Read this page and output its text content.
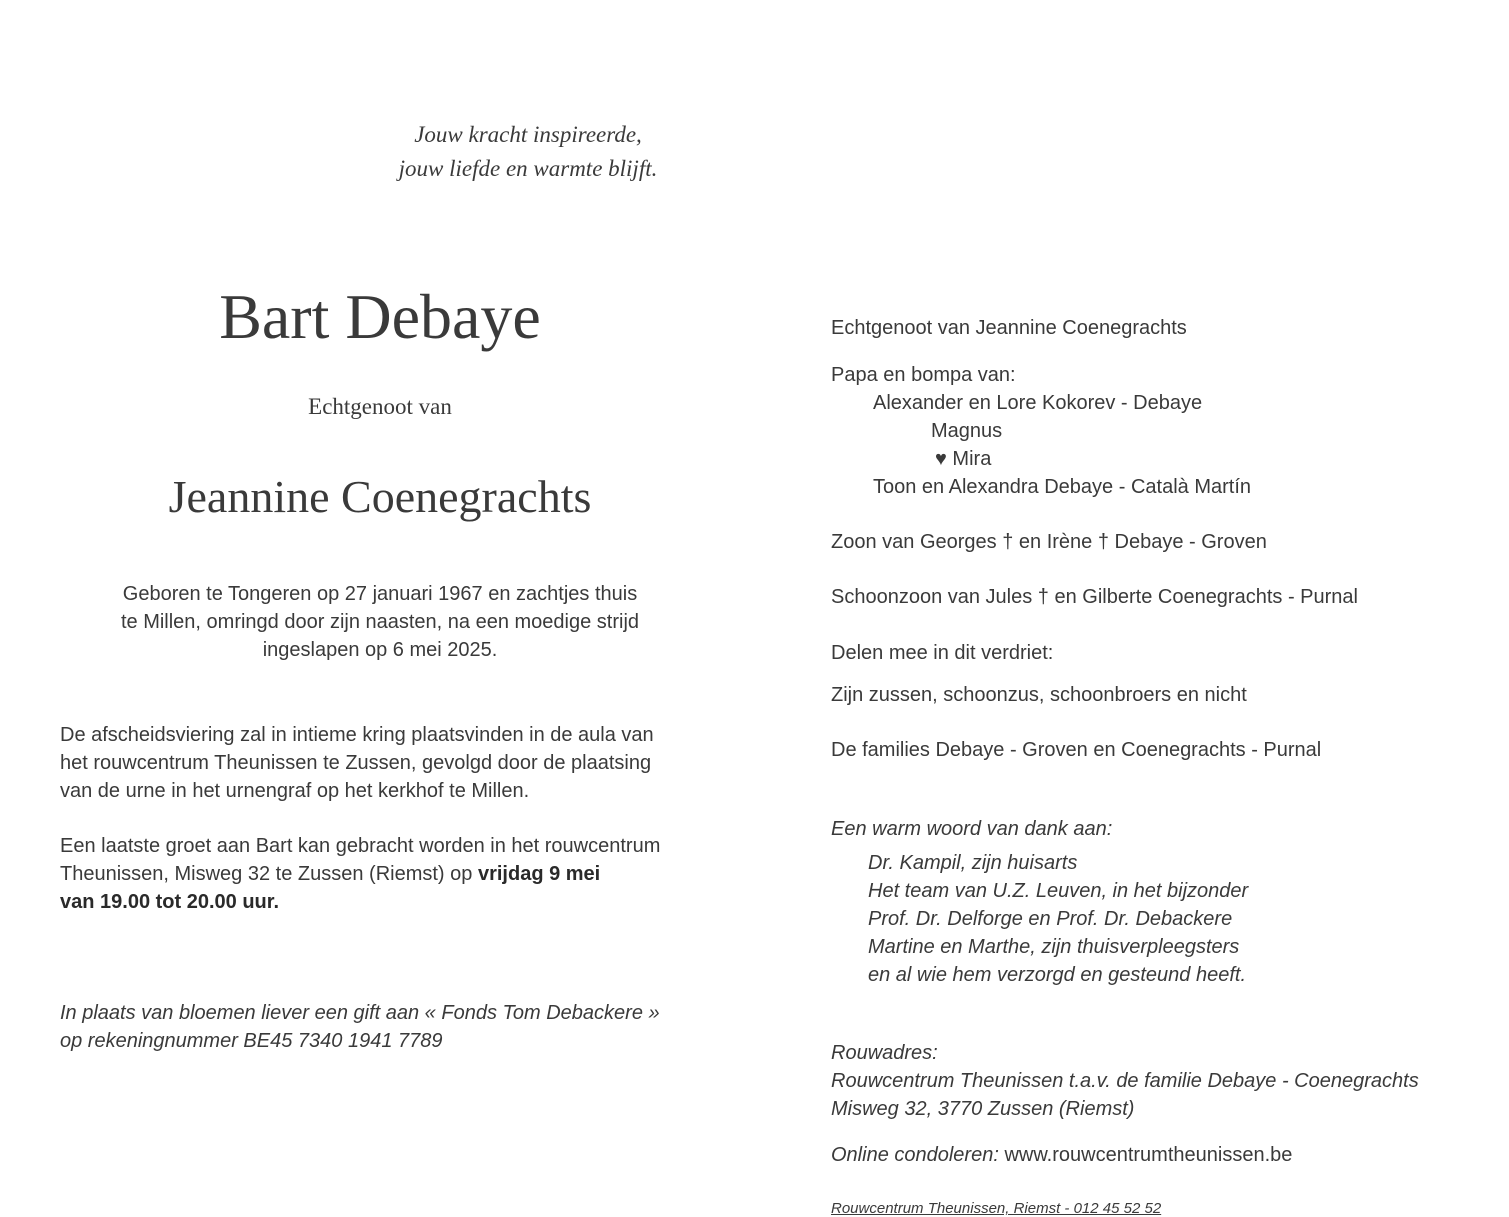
Jouw kracht inspireerde,
jouw liefde en warmte blijft.
Bart Debaye
Echtgenoot van
Jeannine Coenegrachts
Geboren te Tongeren op 27 januari 1967 en zachtjes thuis
te Millen, omringd door zijn naasten, na een moedige strijd
ingeslapen op 6 mei 2025.
De afscheidsviering zal in intieme kring plaatsvinden in de aula van
het rouwcentrum Theunissen te Zussen, gevolgd door de plaatsing
van de urne in het urnengraf op het kerkhof te Millen.
Een laatste groet aan Bart kan gebracht worden in het rouwcentrum
Theunissen, Misweg 32 te Zussen (Riemst) op vrijdag 9 mei
van 19.00 tot 20.00 uur.
In plaats van bloemen liever een gift aan « Fonds Tom Debackere »
op rekeningnummer BE45 7340 1941 7789
Echtgenoot van Jeannine Coenegrachts
Papa en bompa van:
Alexander en Lore Kokorev - Debaye
Magnus
♥ Mira
Toon en Alexandra Debaye - Català Martín
Zoon van Georges † en Irène † Debaye - Groven
Schoonzoon van Jules † en Gilberte Coenegrachts - Purnal
Delen mee in dit verdriet:
Zijn zussen, schoonzus, schoonbroers en nicht
De families Debaye - Groven en Coenegrachts - Purnal
Een warm woord van dank aan:
Dr. Kampil, zijn huisarts
Het team van U.Z. Leuven, in het bijzonder
Prof. Dr. Delforge en Prof. Dr. Debackere
Martine en Marthe, zijn thuisverpleegsters
en al wie hem verzorgd en gesteund heeft.
Rouwadres:
Rouwcentrum Theunissen t.a.v. de familie Debaye - Coenegrachts
Misweg 32, 3770 Zussen (Riemst)
Online condoleren: www.rouwcentrumtheunissen.be
Rouwcentrum Theunissen, Riemst - 012 45 52 52
